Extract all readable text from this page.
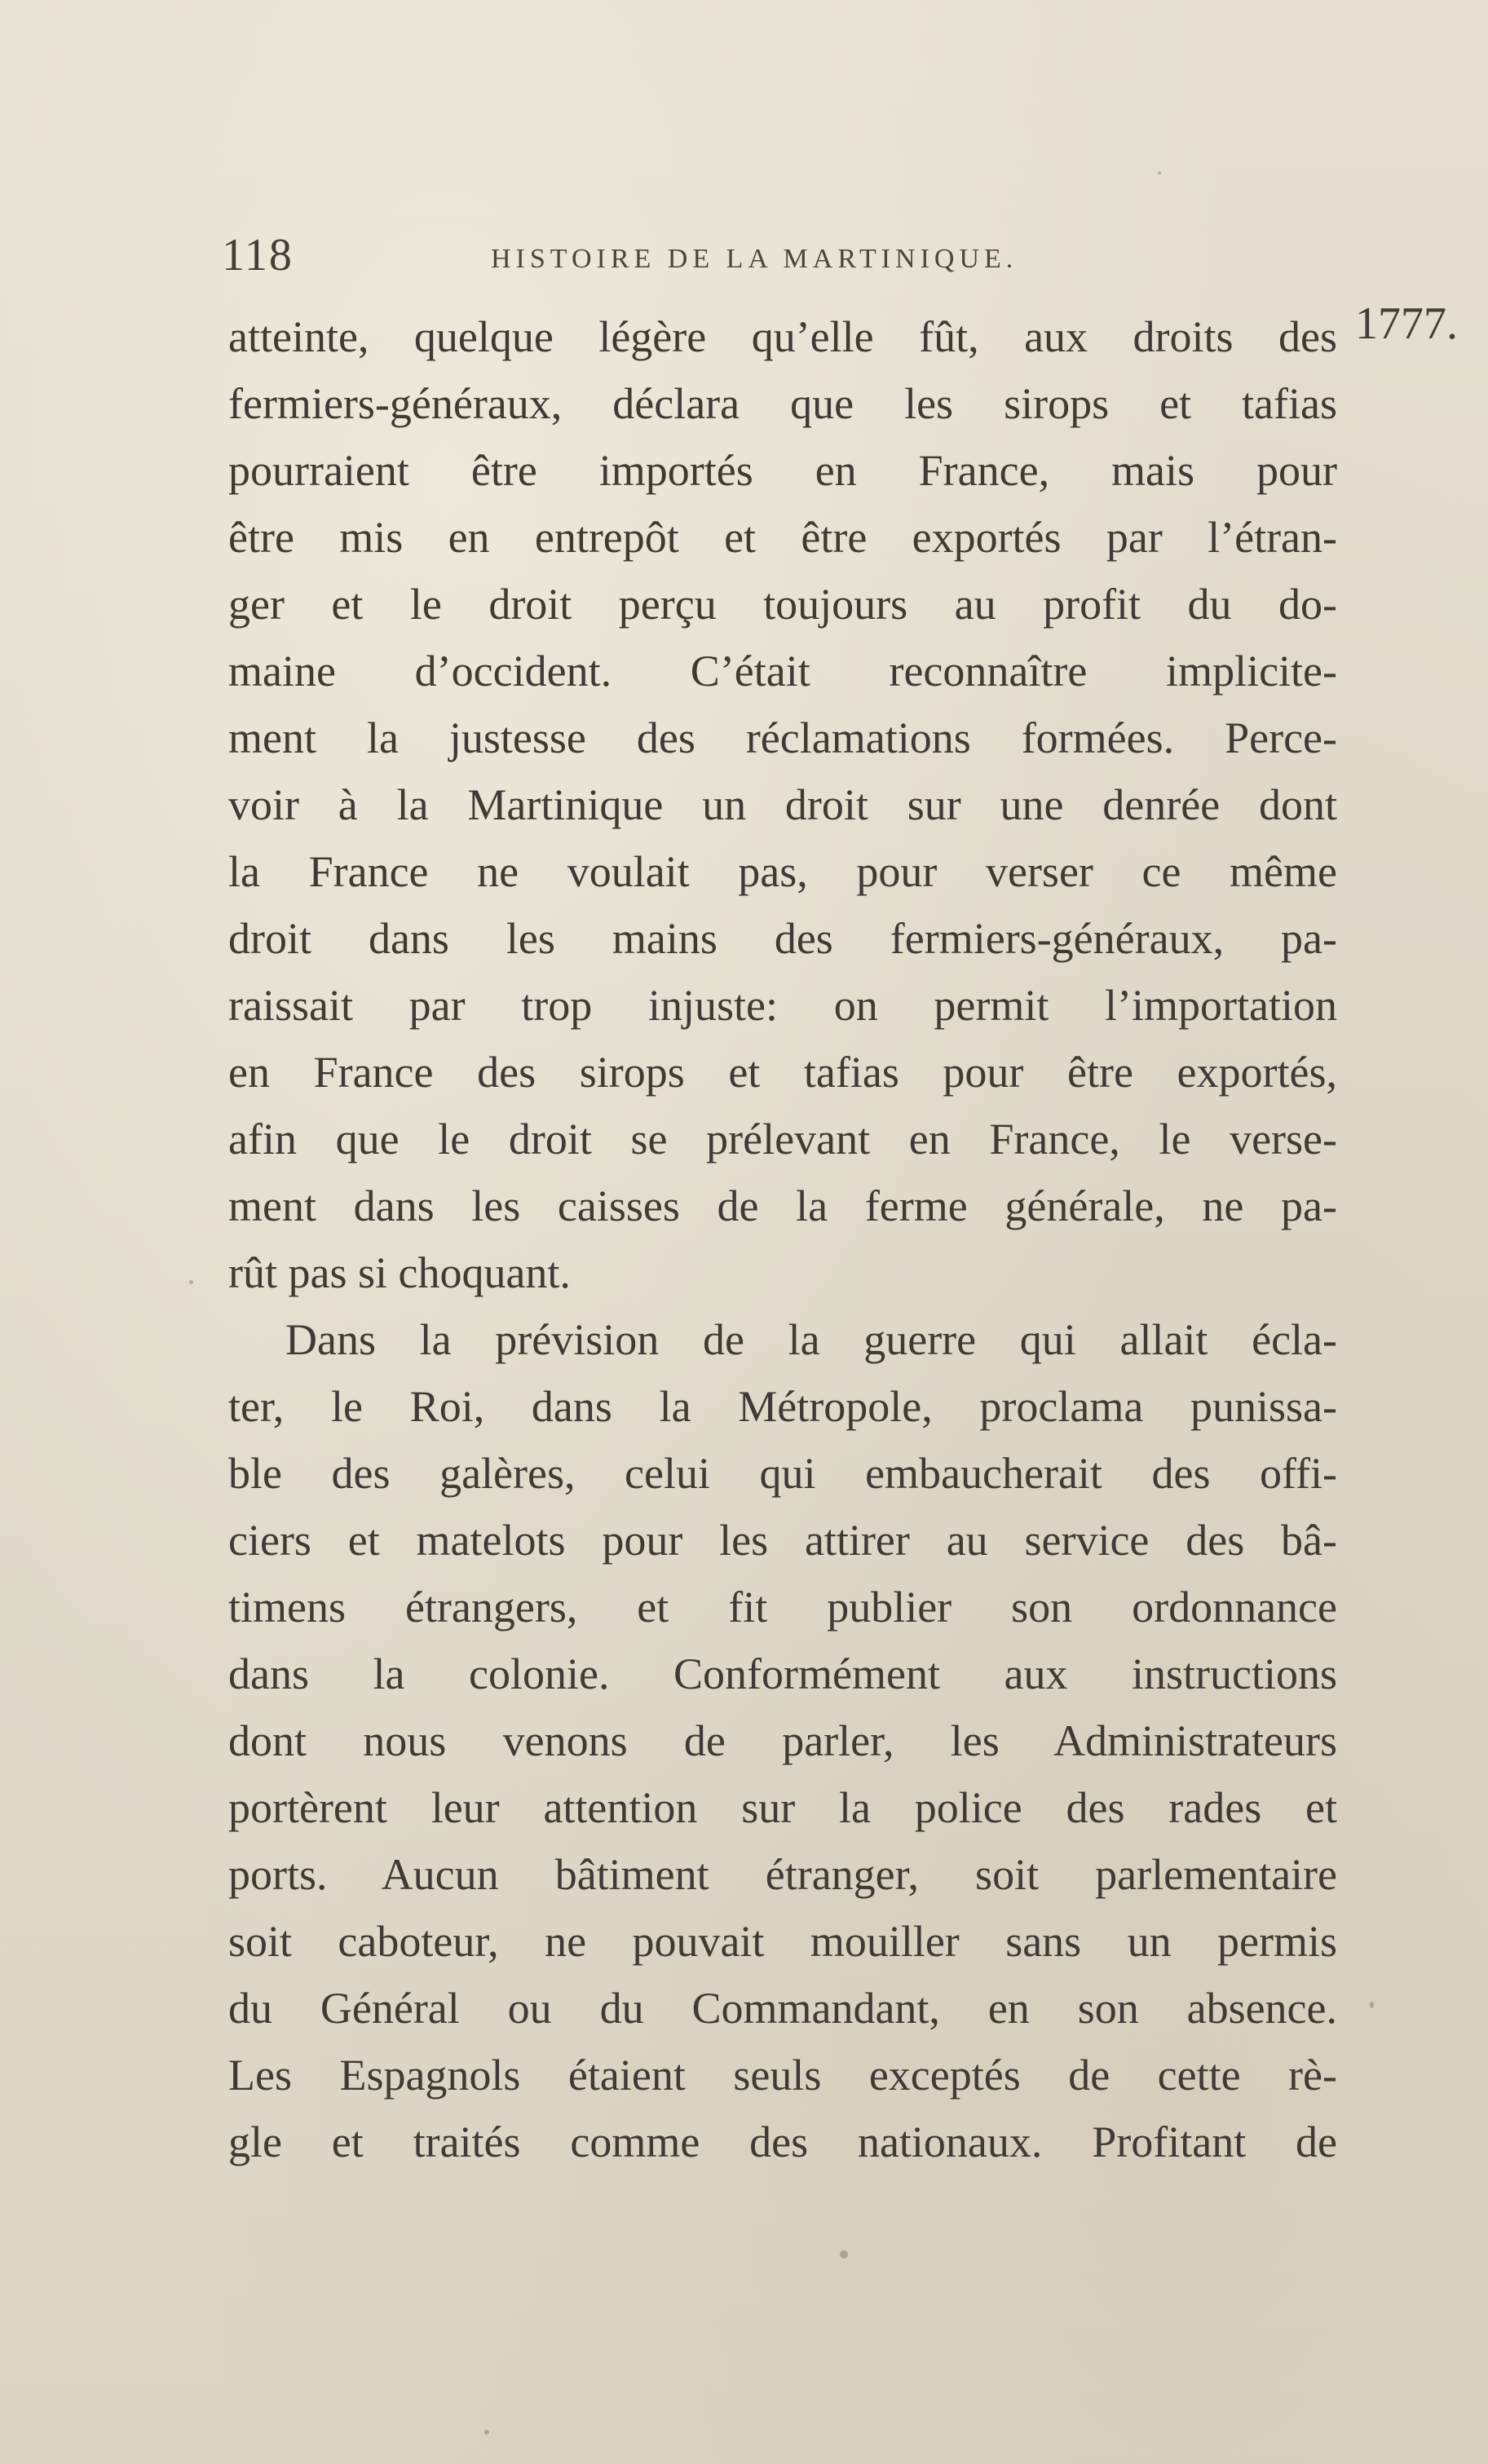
118	HISTOIRE DE LA MARTINIQUE.
1777.
atteinte, quelque légère qu’elle fût, aux droits des
fermiers-généraux, déclara que les sirops et tafias
pourraient être importés en France, mais pour
être mis en entrepôt et être exportés par l’étran-
ger et le droit perçu toujours au profit du do-
maine d’occident. C’était reconnaître implicite-
ment la justesse des réclamations formées. Perce-
voir à la Martinique un droit sur une denrée dont
la France ne voulait pas, pour verser ce même
droit dans les mains des fermiers-généraux, pa-
raissait par trop injuste: on permit l’importation
en France des sirops et tafias pour être exportés,
afin que le droit se prélevant en France, le verse-
ment dans les caisses de la ferme générale, ne pa-
rût pas si choquant.
Dans la prévision de la guerre qui allait écla-
ter, le Roi, dans la Métropole, proclama punissa-
ble des galères, celui qui embaucherait des offi-
ciers et matelots pour les attirer au service des bâ-
timens étrangers, et fit publier son ordonnance
dans la colonie. Conformément aux instructions
dont nous venons de parler, les Administrateurs
portèrent leur attention sur la police des rades et
ports. Aucun bâtiment étranger, soit parlementaire
soit caboteur, ne pouvait mouiller sans un permis
du Général ou du Commandant, en son absence.
Les Espagnols étaient seuls exceptés de cette rè-
gle et traités comme des nationaux. Profitant de
